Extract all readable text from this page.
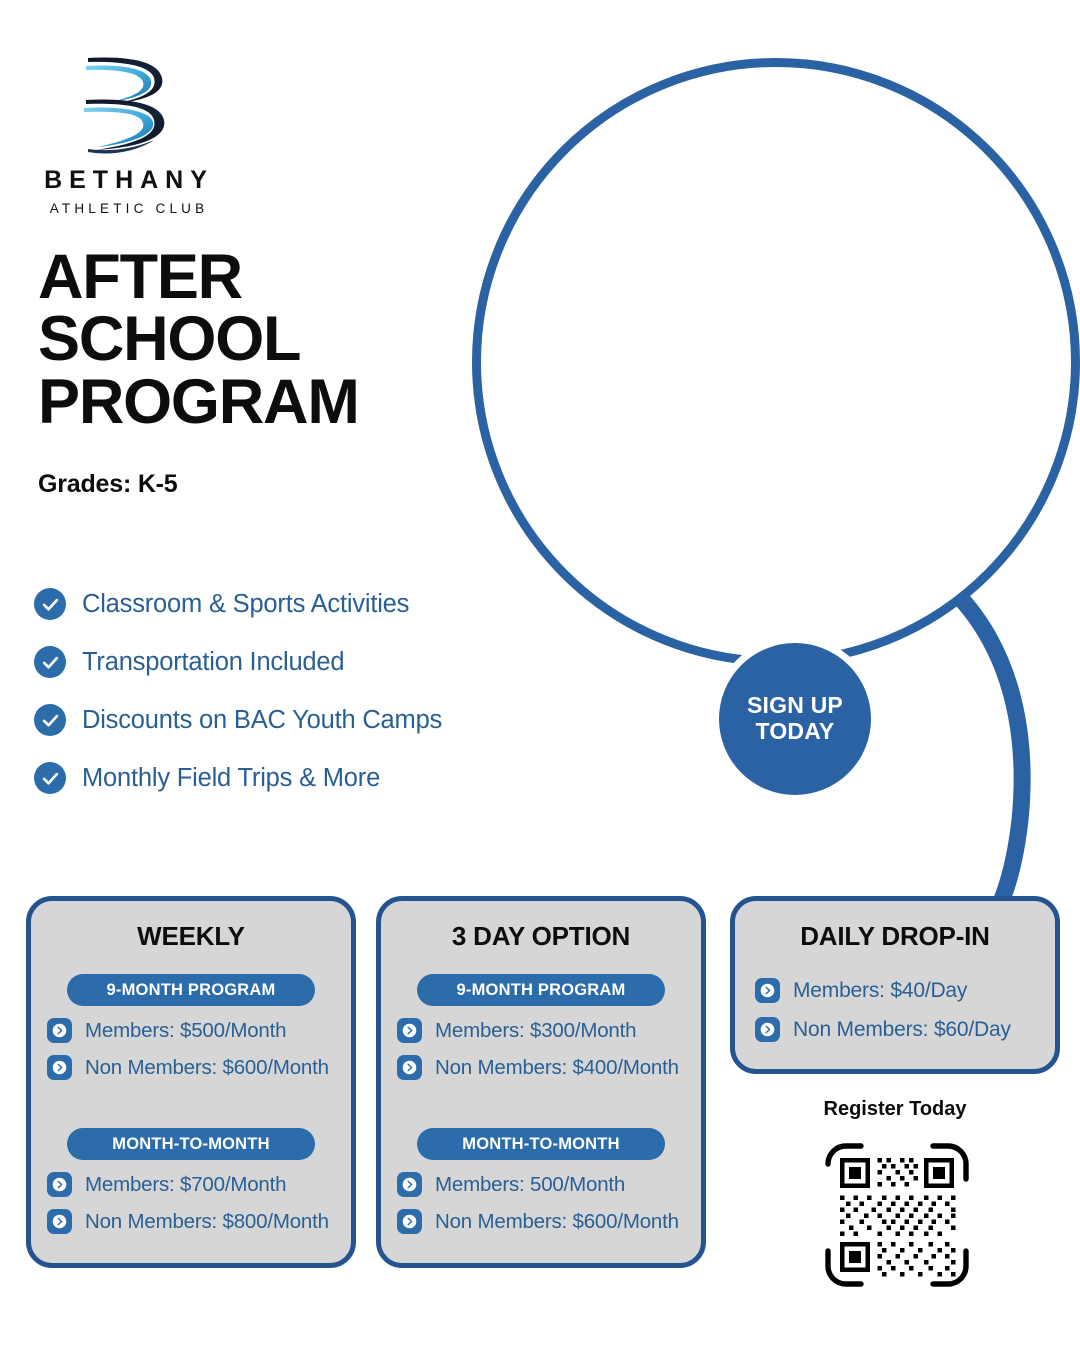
BETHANY
ATHLETIC CLUB
AFTER
SCHOOL
PROGRAM
Grades: K-5
Classroom & Sports Activities
Transportation Included
Discounts on BAC Youth Camps
Monthly Field Trips & More
SIGN UP
TODAY
WEEKLY
9-MONTH PROGRAM
Members: $500/Month
Non Members: $600/Month
MONTH-TO-MONTH
Members: $700/Month
Non Members: $800/Month
3 DAY OPTION
9-MONTH PROGRAM
Members: $300/Month
Non Members: $400/Month
MONTH-TO-MONTH
Members: 500/Month
Non Members: $600/Month
DAILY DROP-IN
Members: $40/Day
Non Members: $60/Day
Register Today
